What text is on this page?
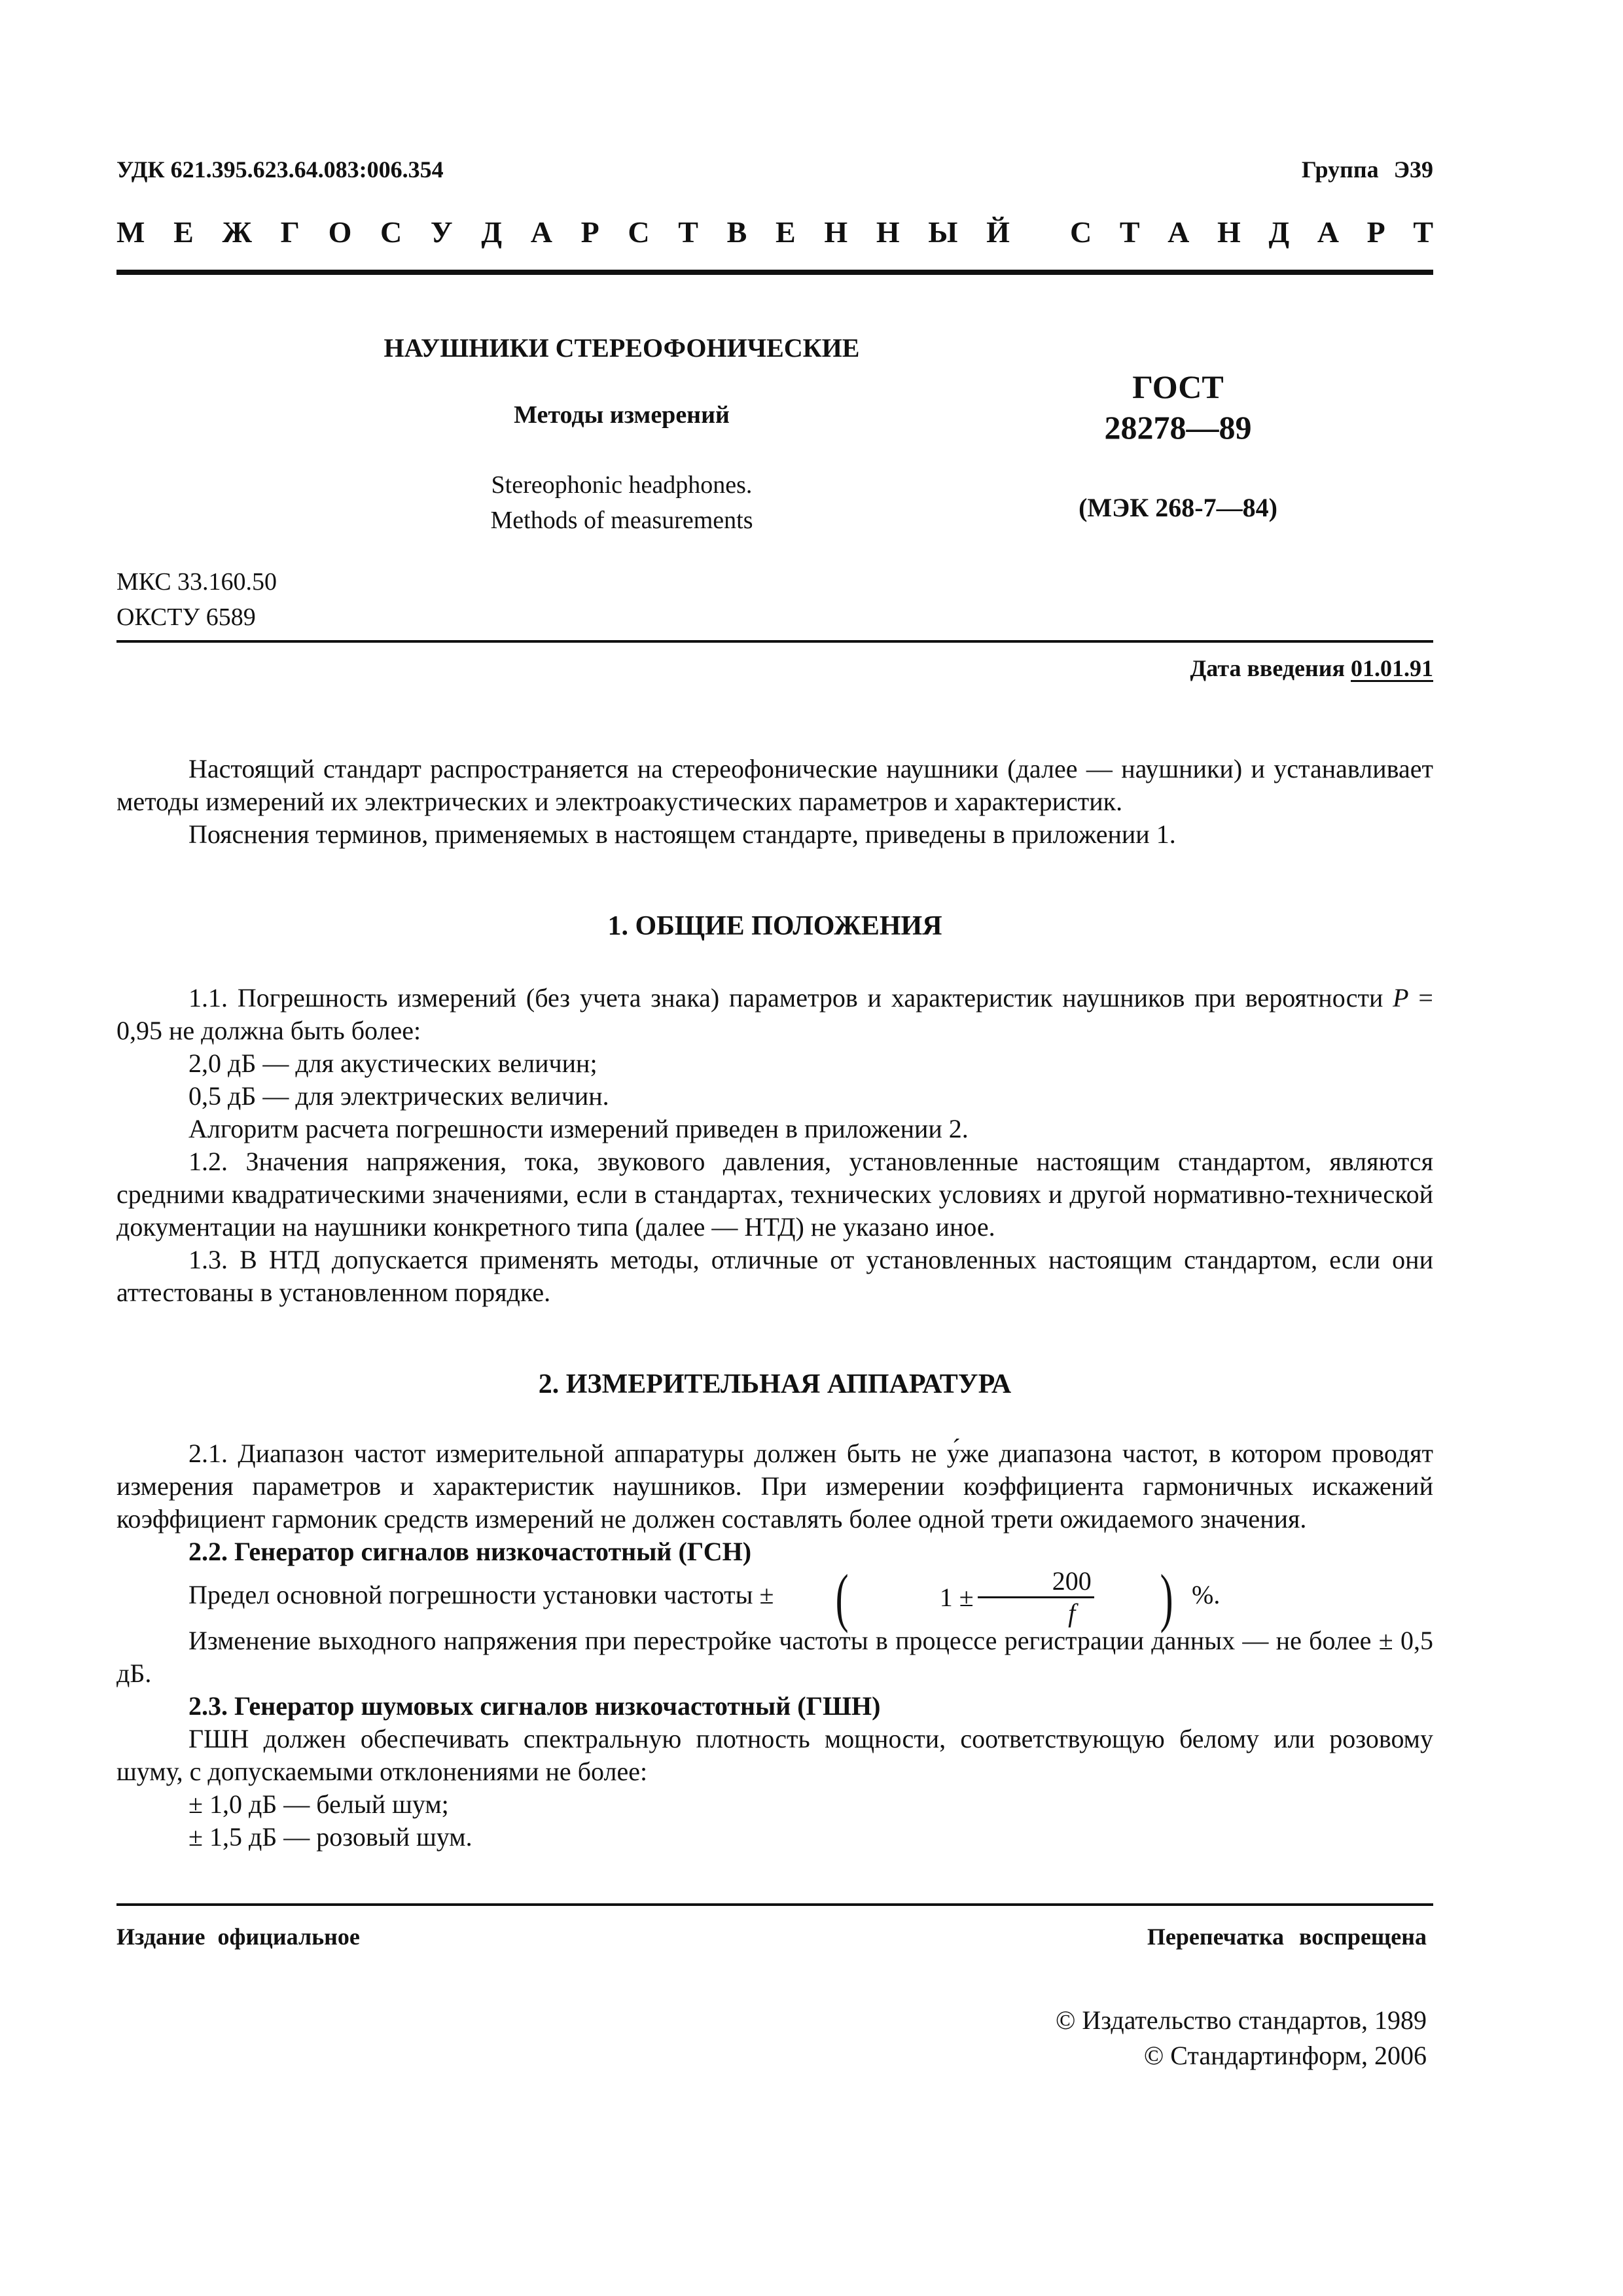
УДК 621.395.623.64.083:006.354	Группа Э39
М Е Ж Г О С У Д А Р С Т В Е Н Н Ы Й С Т А Н Д А Р Т
НАУШНИКИ СТЕРЕОФОНИЧЕСКИЕ
Методы измерений
Stereophonic headphones.
Methods of measurements
ГОСТ
28278—89
(МЭК 268-7—84)
МКС 33.160.50
ОКСТУ 6589
Дата введения 01.01.91

Настоящий стандарт распространяется на стереофонические наушники (далее — наушники) и устанавливает методы измерений их электрических и электроакустических параметров и характеристик.

Пояснения терминов, применяемых в настоящем стандарте, приведены в приложении 1.

1. ОБЩИЕ ПОЛОЖЕНИЯ

1.1. Погрешность измерений (без учета знака) параметров и характеристик наушников при вероятности P = 0,95 не должна быть более:

2,0 дБ — для акустических величин;

0,5 дБ — для электрических величин.

Алгоритм расчета погрешности измерений приведен в приложении 2.

1.2. Значения напряжения, тока, звукового давления, установленные настоящим стандартом, являются средними квадратическими значениями, если в стандартах, технических условиях и другой нормативно-технической документации на наушники конкретного типа (далее — НТД) не указано иное.

1.3. В НТД допускается применять методы, отличные от установленных настоящим стандартом, если они аттестованы в установленном порядке.

2. ИЗМЕРИТЕЛЬНАЯ АППАРАТУРА

2.1. Диапазон частот измерительной аппаратуры должен быть не у́же диапазона частот, в котором проводят измерения параметров и характеристик наушников. При измерении коэффициента гармоничных искажений коэффициент гармоник средств измерений не должен составлять более одной трети ожидаемого значения.

2.2. Генератор сигналов низкочастотный (ГСН)

Предел основной погрешности установки частоты ± (	$1 \pm \frac{200}{f}$	) %.

Изменение выходного напряжения при перестройке частоты в процессе регистрации данных — не более ± 0,5 дБ.

2.3. Генератор шумовых сигналов низкочастотный (ГШН)

ГШН должен обеспечивать спектральную плотность мощности, соответствующую белому или розовому шуму, с допускаемыми отклонениями не более:

± 1,0 дБ — белый шум;

± 1,5 дБ — розовый шум.

Издание официальное	Перепечатка воспрещена
© Издательство стандартов, 1989
© Стандартинформ, 2006
